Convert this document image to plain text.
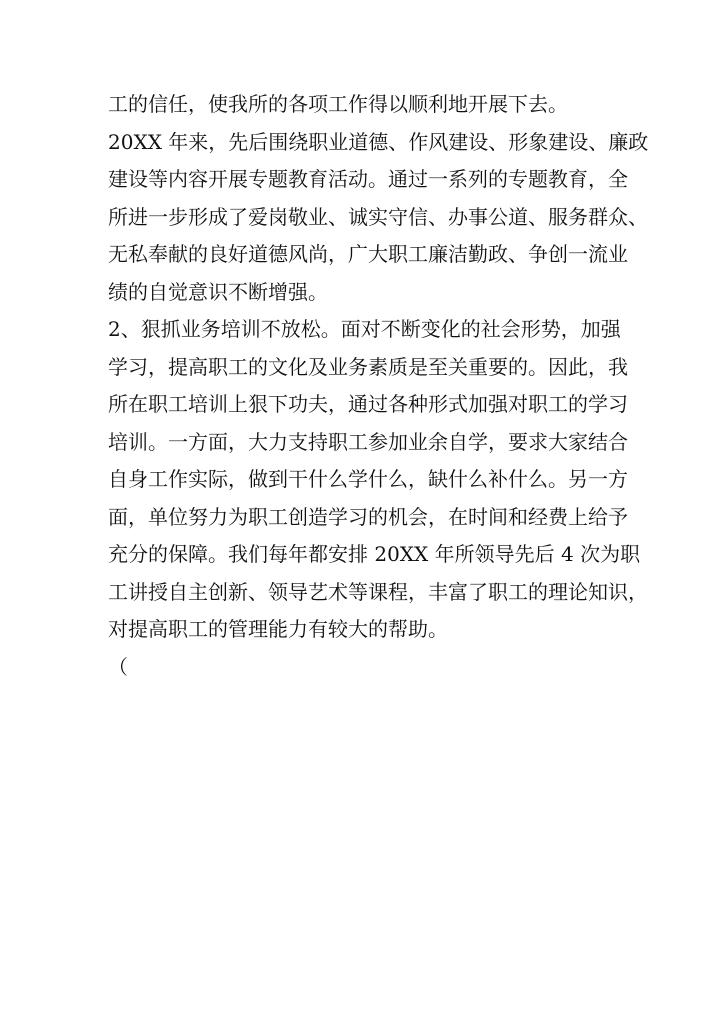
工的信任，使我所的各项工作得以顺利地开展下去。
20XX 年来，先后围绕职业道德、作风建设、形象建设、廉政
建设等内容开展专题教育活动。通过一系列的专题教育，全
所进一步形成了爱岗敬业、诚实守信、办事公道、服务群众、
无私奉献的良好道德风尚，广大职工廉洁勤政、争创一流业
绩的自觉意识不断增强。
2、狠抓业务培训不放松。面对不断变化的社会形势，加强
学习，提高职工的文化及业务素质是至关重要的。因此，我
所在职工培训上狠下功夫，通过各种形式加强对职工的学习
培训。一方面，大力支持职工参加业余自学，要求大家结合
自身工作实际，做到干什么学什么，缺什么补什么。另一方
面，单位努力为职工创造学习的机会，在时间和经费上给予
充分的保障。我们每年都安排 20XX 年所领导先后 4 次为职
工讲授自主创新、领导艺术等课程，丰富了职工的理论知识，
对提高职工的管理能力有较大的帮助。
（
